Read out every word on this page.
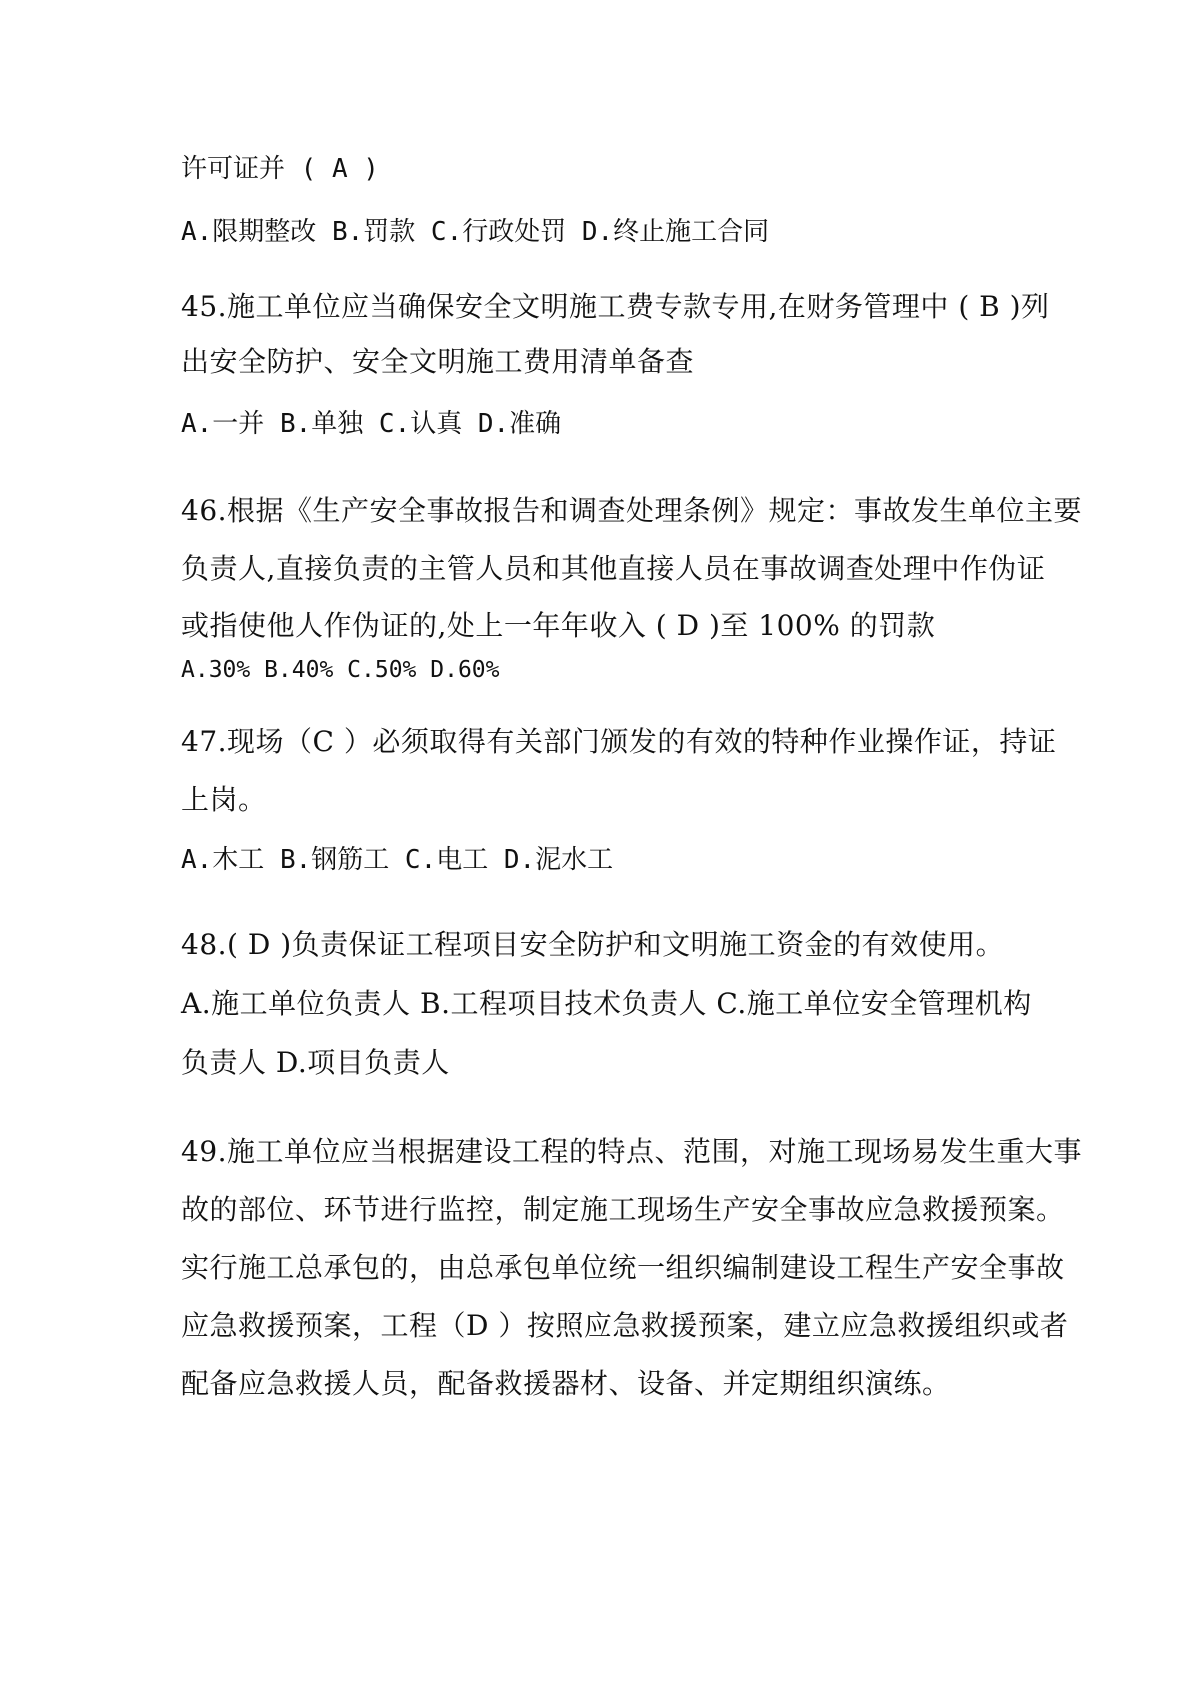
许可证并 ( A )
A.限期整改 B.罚款 C.行政处罚 D.终止施工合同
45.施工单位应当确保安全文明施工费专款专用,在财务管理中 ( B )列
出安全防护、安全文明施工费用清单备查
A.一并 B.单独 C.认真 D.准确
46.根据《生产安全事故报告和调查处理条例》规定：事故发生单位主要
负责人,直接负责的主管人员和其他直接人员在事故调查处理中作伪证
或指使他人作伪证的,处上一年年收入 ( D )至 100% 的罚款
A.30% B.40% C.50% D.60%
47.现场（C ）必须取得有关部门颁发的有效的特种作业操作证，持证
上岗。
A.木工 B.钢筋工 C.电工 D.泥水工
48.( D )负责保证工程项目安全防护和文明施工资金的有效使用。
A.施工单位负责人 B.工程项目技术负责人 C.施工单位安全管理机构
负责人 D.项目负责人
49.施工单位应当根据建设工程的特点、范围，对施工现场易发生重大事
故的部位、环节进行监控，制定施工现场生产安全事故应急救援预案。
实行施工总承包的，由总承包单位统一组织编制建设工程生产安全事故
应急救援预案，工程（D ）按照应急救援预案，建立应急救援组织或者
配备应急救援人员，配备救援器材、设备、并定期组织演练。
